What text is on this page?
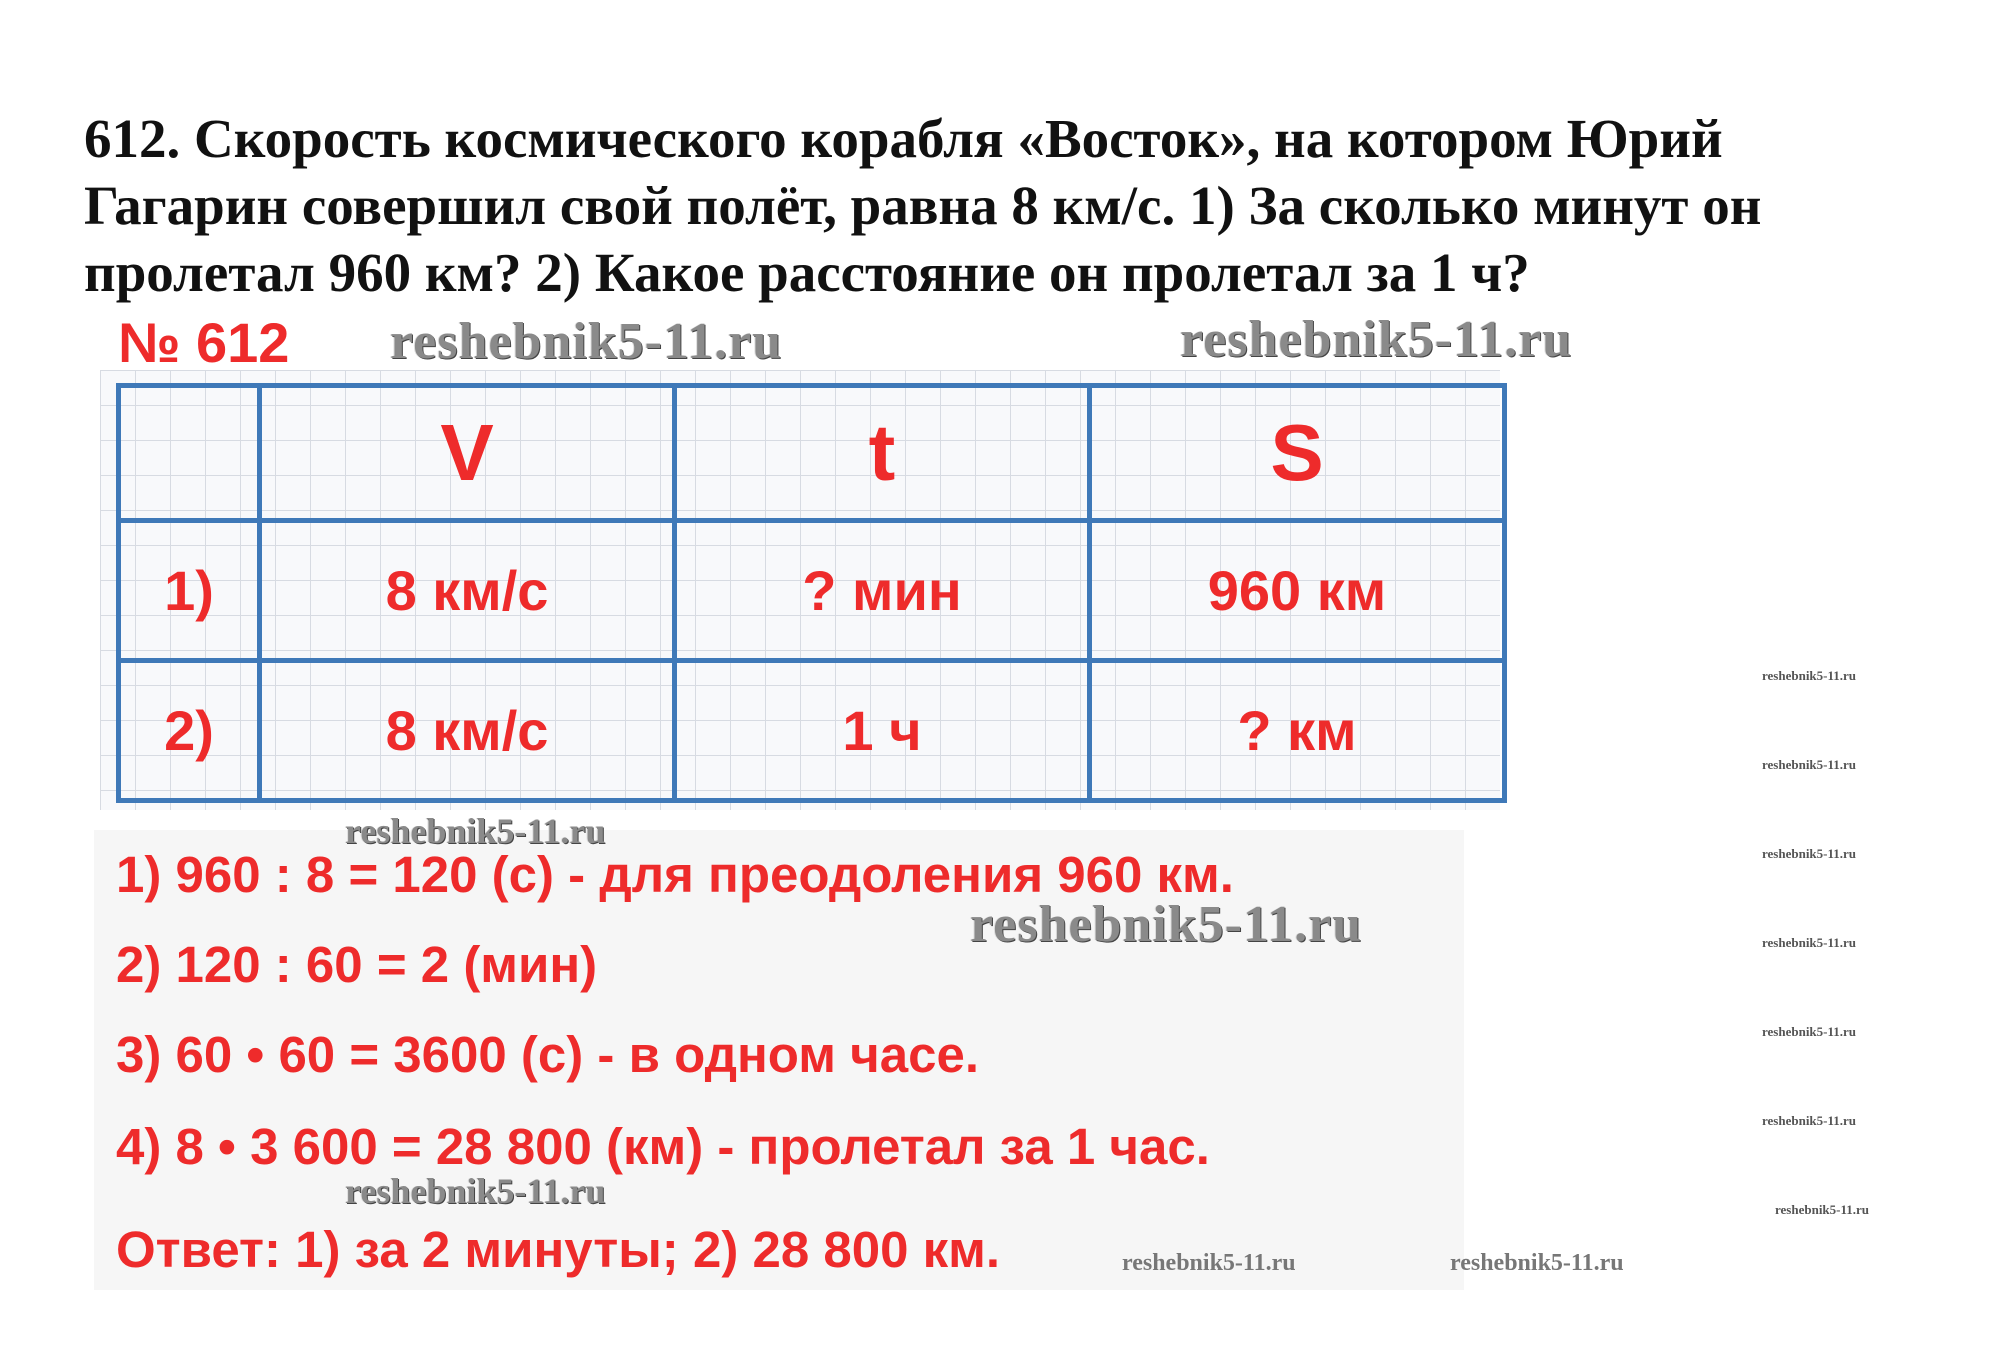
612. Скорость космического корабля «Восток», на котором Юрий
Гагарин совершил свой полёт, равна 8 км/с. 1) За сколько минут он
пролетал 960 км? 2) Какое расстояние он пролетал за 1 ч?
№ 612 reshebnik5-11.ru	reshebnik5-11.ru
	V	t	S
1)	8 км/с	? мин	960 км
2)	8 км/с	1 ч	? км
reshebnik5-11.ru
1) 960 : 8 = 120 (с) - для преодоления 960 км.
reshebnik5-11.ru
2) 120 : 60 = 2 (мин)
3) 60 • 60 = 3600 (с) - в одном часе.
4) 8 • 3 600 = 28 800 (км) - пролетал за 1 час.
reshebnik5-11.ru
Ответ: 1) за 2 минуты; 2) 28 800 км.	reshebnik5-11.ru	reshebnik5-11.ru
reshebnik5-11.ru
reshebnik5-11.ru
reshebnik5-11.ru
reshebnik5-11.ru
reshebnik5-11.ru
reshebnik5-11.ru
reshebnik5-11.ru
